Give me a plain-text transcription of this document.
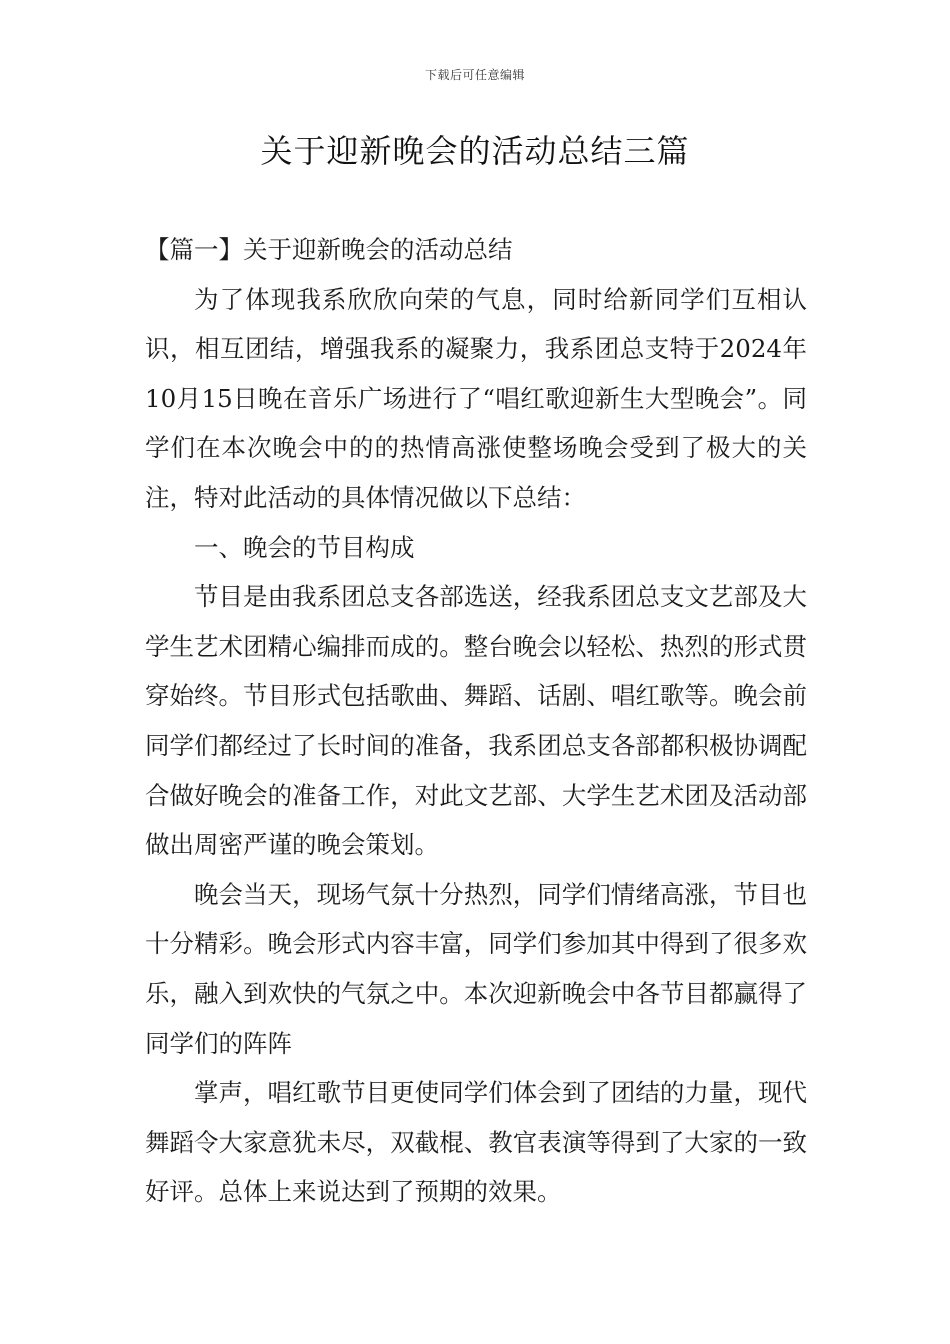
下载后可任意编辑
关于迎新晚会的活动总结三篇

【篇一】关于迎新晚会的活动总结

为了体现我系欣欣向荣的气息，同时给新同学们互相认识，相互团结，增强我系的凝聚力，我系团总支特于2024年10月15日晚在音乐广场进行了“唱红歌迎新生大型晚会”。同学们在本次晚会中的的热情高涨使整场晚会受到了极大的关注，特对此活动的具体情况做以下总结：

一、晚会的节目构成

节目是由我系团总支各部选送，经我系团总支文艺部及大学生艺术团精心编排而成的。整台晚会以轻松、热烈的形式贯穿始终。节目形式包括歌曲、舞蹈、话剧、唱红歌等。晚会前同学们都经过了长时间的准备，我系团总支各部都积极协调配合做好晚会的准备工作，对此文艺部、大学生艺术团及活动部做出周密严谨的晚会策划。

晚会当天，现场气氛十分热烈，同学们情绪高涨，节目也十分精彩。晚会形式内容丰富，同学们参加其中得到了很多欢乐，融入到欢快的气氛之中。本次迎新晚会中各节目都赢得了同学们的阵阵

掌声，唱红歌节目更使同学们体会到了团结的力量，现代舞蹈令大家意犹未尽，双截棍、教官表演等得到了大家的一致好评。总体上来说达到了预期的效果。
